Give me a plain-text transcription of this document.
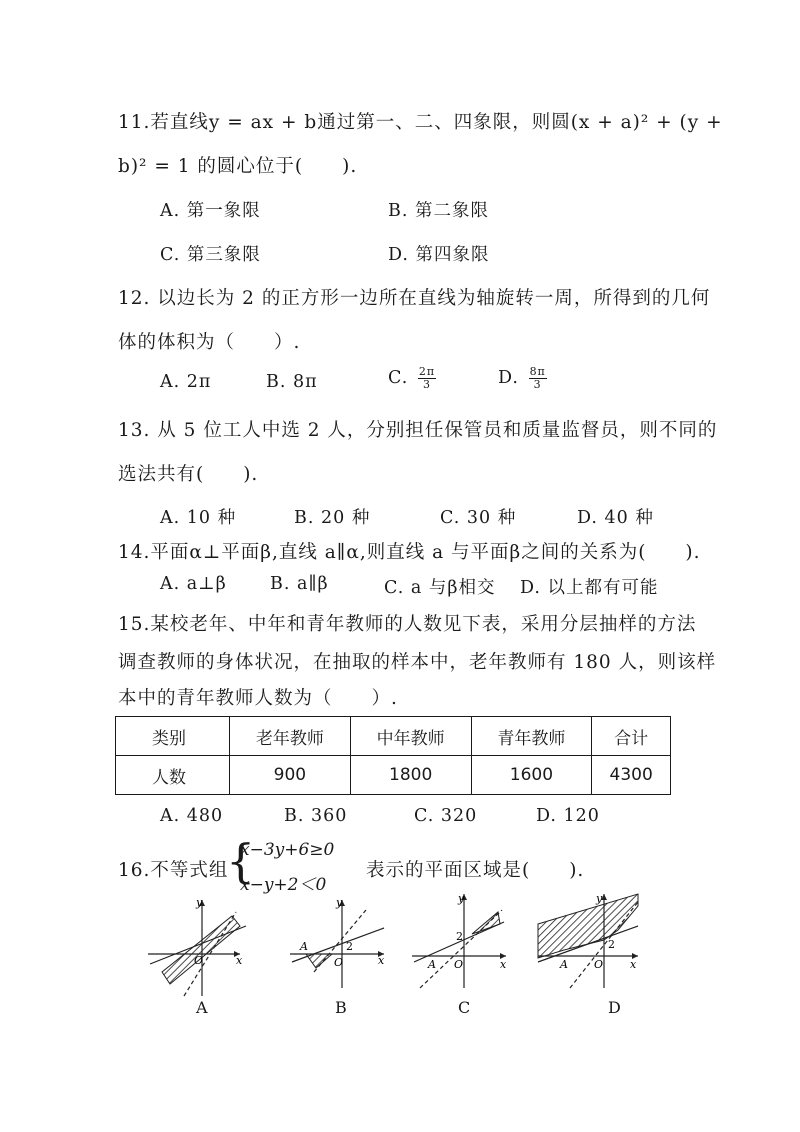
11.若直线y = ax + b通过第一、二、四象限，则圆(x + a)² + (y +
b)² = 1 的圆心位于(　　).
A. 第一象限	B. 第二象限
C. 第三象限	D. 第四象限
12. 以边长为 2 的正方形一边所在直线为轴旋转一周，所得到的几何
体的体积为（　　）.
A. 2π	B. 8π	C. $\frac{2\pi}{3}$	D. $\frac{8\pi}{3}$
13. 从 5 位工人中选 2 人，分别担任保管员和质量监督员，则不同的
选法共有(　　).
A. 10 种	B. 20 种	C. 30 种	D. 40 种
14.平面α⊥平面β,直线 a∥α,则直线 a 与平面β之间的关系为(　　).
A. a⊥β B. a∥β	C. a 与β相交 D. 以上都有可能
15.某校老年、中年和青年教师的人数见下表，采用分层抽样的方法
调查教师的身体状况，在抽取的样本中，老年教师有 180 人，则该样
本中的青年教师人数为（　　）.
类别	老年教师	中年教师	青年教师	合计
人数	900	1800	1600	4300
A. 480	B. 360	C. 320	D. 120
16.不等式组
{
x−3y+6≥0
x−y+2＜0
表示的平面区域是(　　).
O	x
y
A
A
O
2
x
y
B
A O
2
x
y
C
A O
2
x
y
D
